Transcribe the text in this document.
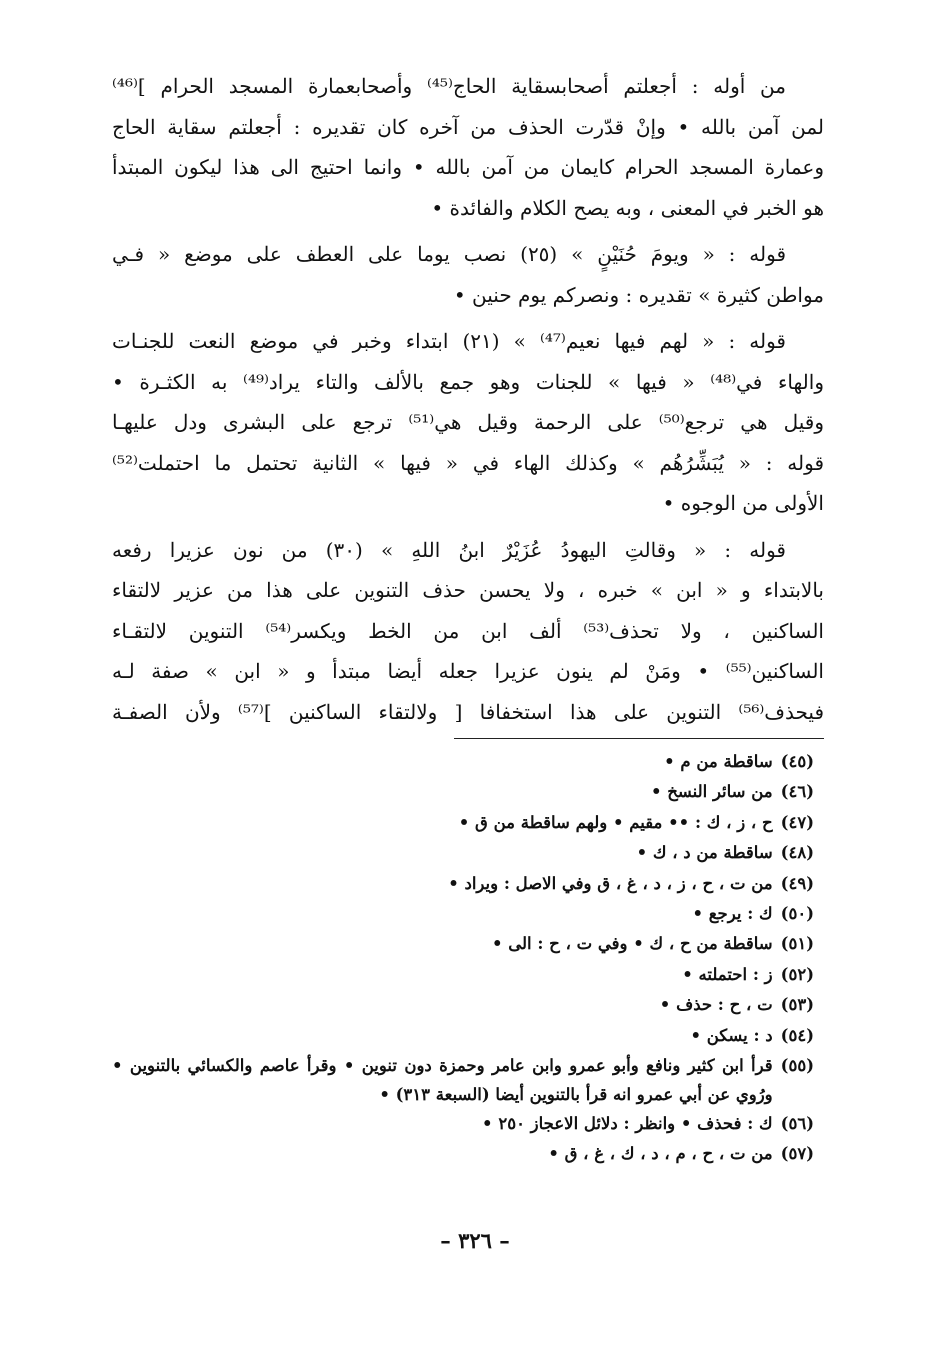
من أوله : أجعلتم أصحابسقاية الحاج⁽⁴⁵⁾ وأصحابعمارة المسجد الحرام ]⁽⁴⁶⁾
لمن آمن بالله • وإنْ قدّرت الحذف من آخره كان تقديره : أجعلتم سقاية الحاج
وعمارة المسجد الحرام كايمان من آمن بالله • وانما احتيج الى هذا ليكون المبتدأ
هو الخبر في المعنى ، وبه يصح الكلام والفائدة •
قوله : « ويومَ حُنَيْنٍ » (٢٥) نصب يوما على العطف على موضع « فـي
مواطن كثيرة » تقديره : ونصركم يوم حنين •
قوله : « لهم فيها نعيم⁽⁴⁷⁾ » (٢١) ابتداء وخبر في موضع النعت للجنـات
والهاء في⁽⁴⁸⁾ « فيها » للجنات وهو جمع بالألف والتاء يراد⁽⁴⁹⁾ به الكثـرة •
وقيل هي ترجع⁽⁵⁰⁾ على الرحمة وقيل هي⁽⁵¹⁾ ترجع على البشرى ودل عليهـا
قوله : « يُبَشِّرُهُم » وكذلك الهاء في « فيها » الثانية تحتمل ما احتملت⁽⁵²⁾
الأولى من الوجوه •
قوله : « وقالتِ اليهودُ عُزَيْرٌ ابنُ اللهِ » (٣٠) من نون عزيرا رفعه
بالابتداء و « ابن » خبره ، ولا يحسن حذف التنوين على هذا من عزير لالتقاء
الساكنين ، ولا تحذف⁽⁵³⁾ ألف ابن من الخط ويكسر⁽⁵⁴⁾ التنوين لالتقـاء
الساكنين⁽⁵⁵⁾ • ومَنْ لم ينون عزيرا جعله أيضا مبتدأ و « ابن » صفة لـه
فيحذف⁽⁵⁶⁾ التنوين على هذا استخفافا [ ولالتقاء الساكنين ]⁽⁵⁷⁾ ولأن الصفـة
(٤٥)
ساقطة من م •
(٤٦)
من سائر النسخ •
(٤٧)
ح ، ز ، ك : •• مقيم • ولهم ساقطة من ق •
(٤٨)
ساقطة من د ، ك •
(٤٩)
من ت ، ح ، ز ، د ، غ ، ق وفي الاصل : ويراد •
(٥٠)
ك : يرجع •
(٥١)
ساقطة من ح ، ك • وفي ت ، ح : الى •
(٥٢)
ز : احتملته •
(٥٣)
ت ، ح : حذف •
(٥٤)
د : يسكن •
(٥٥)
قرأ ابن كثير ونافع وأبو عمرو وابن عامر وحمزة دون تنوين • وقرأ عاصم والكسائي بالتنوين • ورُوي عن أبي عمرو انه قرأ بالتنوين أيضا (السبعة ٣١٣) •
(٥٦)
ك : فحذف • وانظر : دلائل الاعجاز ٢٥٠ •
(٥٧)
من ت ، ح ، م ، د ، ك ، غ ، ق •
– ٣٢٦ –
